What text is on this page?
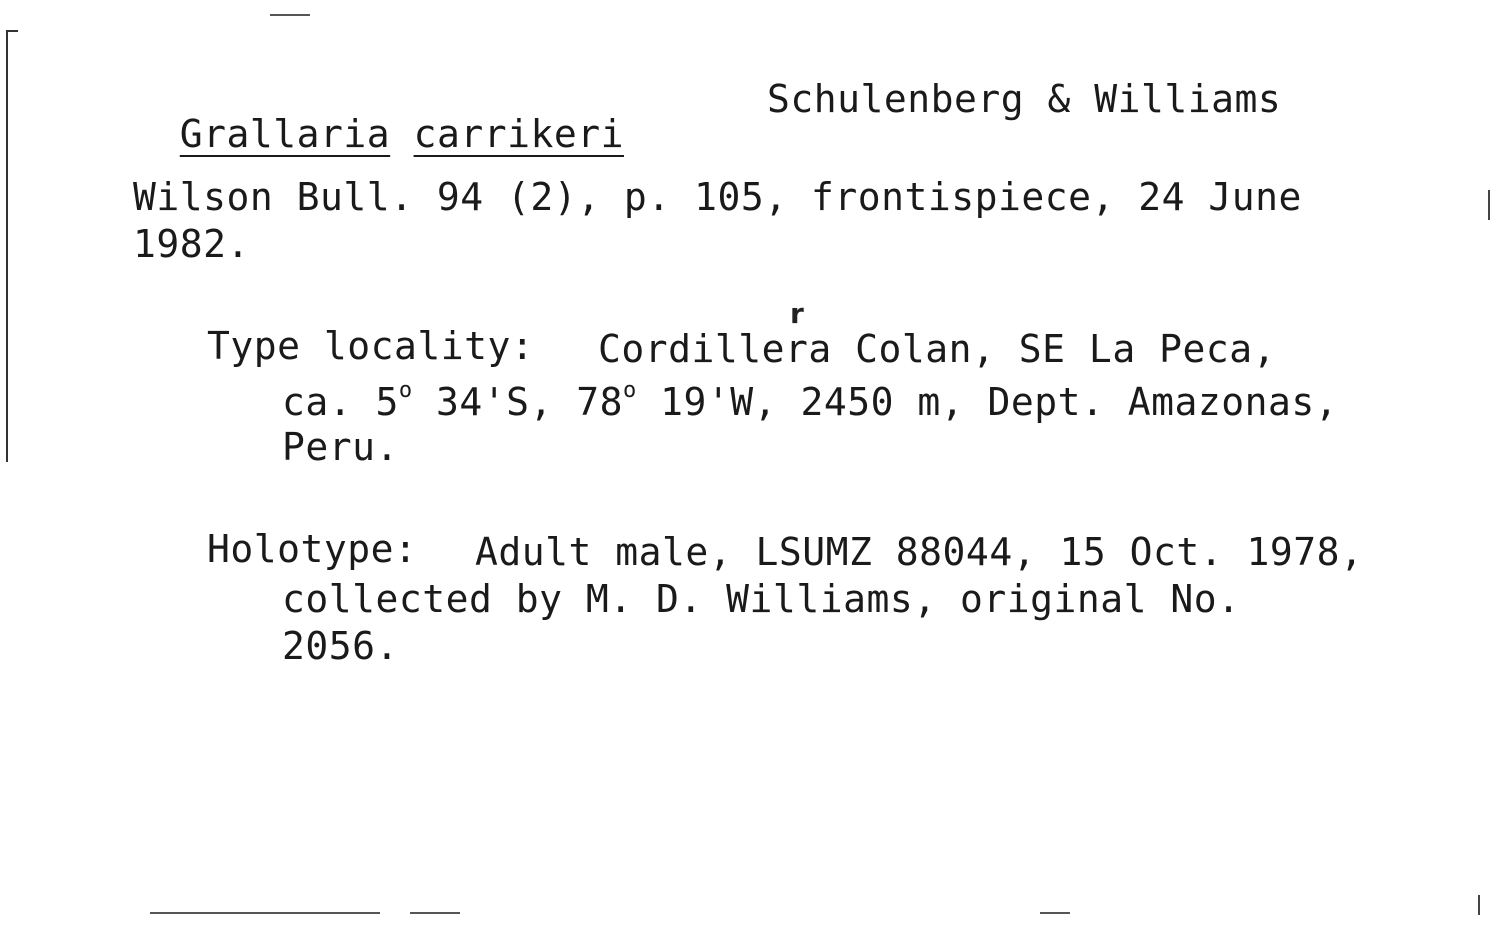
Grallaria carrikeri

Schulenberg & Williams
Wilson Bull. 94 (2), p. 105, frontispiece, 24 June
1982.
Type locality: Cordillera Colan, SE La Peca,
r
ca. 5$^o$ 34'S, 78$^o$ 19'W, 2450 m, Dept. Amazonas,
Peru.
Holotype: Adult male, LSUMZ 88044, 15 Oct. 1978,
collected by M. D. Williams, original No.
2056.
